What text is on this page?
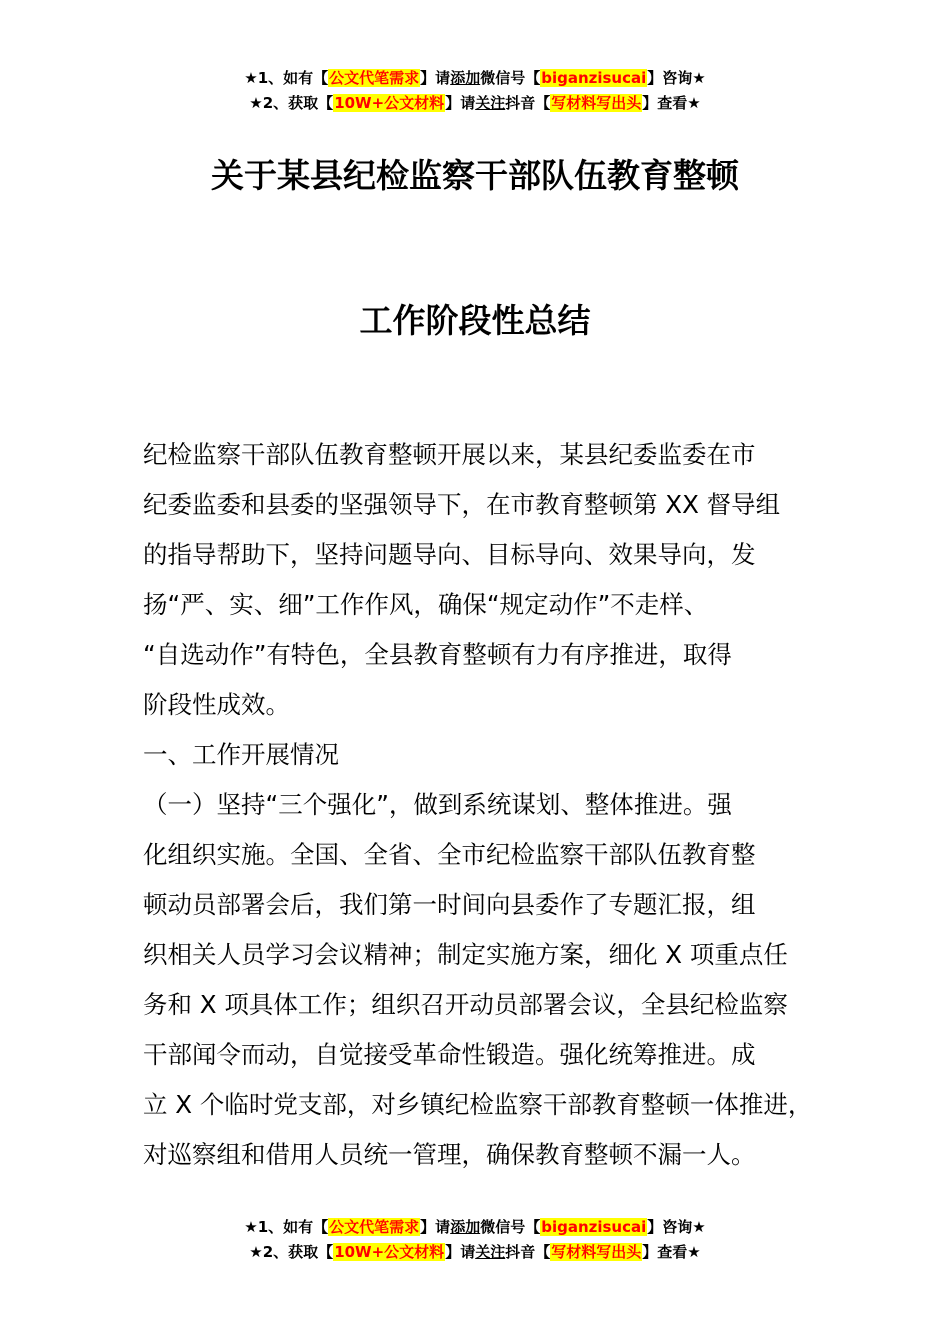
★1、如有【公文代笔需求】请添加微信号【biganzisucai】咨询★
★2、获取【10W+公文材料】请关注抖音【写材料写出头】查看★
关于某县纪检监察干部队伍教育整顿
工作阶段性总结
纪检监察干部队伍教育整顿开展以来，某县纪委监委在市
纪委监委和县委的坚强领导下，在市教育整顿第 XX 督导组
的指导帮助下，坚持问题导向、目标导向、效果导向，发
扬“严、实、细”工作作风，确保“规定动作”不走样、
“自选动作”有特色，全县教育整顿有力有序推进，取得
阶段性成效。
一、工作开展情况
（一）坚持“三个强化”，做到系统谋划、整体推进。强
化组织实施。全国、全省、全市纪检监察干部队伍教育整
顿动员部署会后，我们第一时间向县委作了专题汇报，组
织相关人员学习会议精神；制定实施方案，细化 X 项重点任
务和 X 项具体工作；组织召开动员部署会议，全县纪检监察
干部闻令而动，自觉接受革命性锻造。强化统筹推进。成
立 X 个临时党支部，对乡镇纪检监察干部教育整顿一体推进，
对巡察组和借用人员统一管理，确保教育整顿不漏一人。
★1、如有【公文代笔需求】请添加微信号【biganzisucai】咨询★
★2、获取【10W+公文材料】请关注抖音【写材料写出头】查看★
